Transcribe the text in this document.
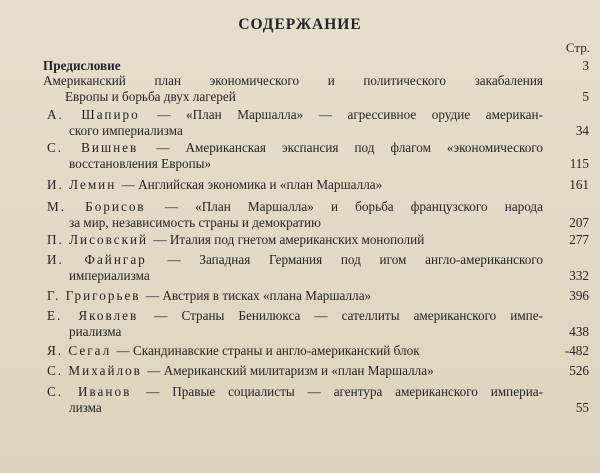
СОДЕРЖАНИЕ
Стр.
Предисловие	3
Американский план экономического и политического закабаления
Европы и борьба двух лагерей	5
А. Шапиро — «План Маршалла» — агрессивное орудие американ-
ского империализма	34
С. Вишнев — Американская экспансия под флагом «экономического
восстановления Европы»	115
И. Лемин — Английская экономика и «план Маршалла»	161
М. Борисов — «План Маршалла» и борьба французского народа
за мир, независимость страны и демократию	207
П. Лисовский — Италия под гнетом американских монополий	277
И. Файнгар — Западная Германия под игом англо-американского
империализма	332
Г. Григорьев — Австрия в тисках «плана Маршалла»	396
Е. Яковлев — Страны Бенилюкса — сателлиты американского импе-
риализма	438
Я. Сегал — Скандинавские страны и англо-американский блок	-482
С. Михайлов — Американский милитаризм и «план Маршалла»	526
С. Иванов — Правые социалисты — агентура американского империа-
лизма	55
